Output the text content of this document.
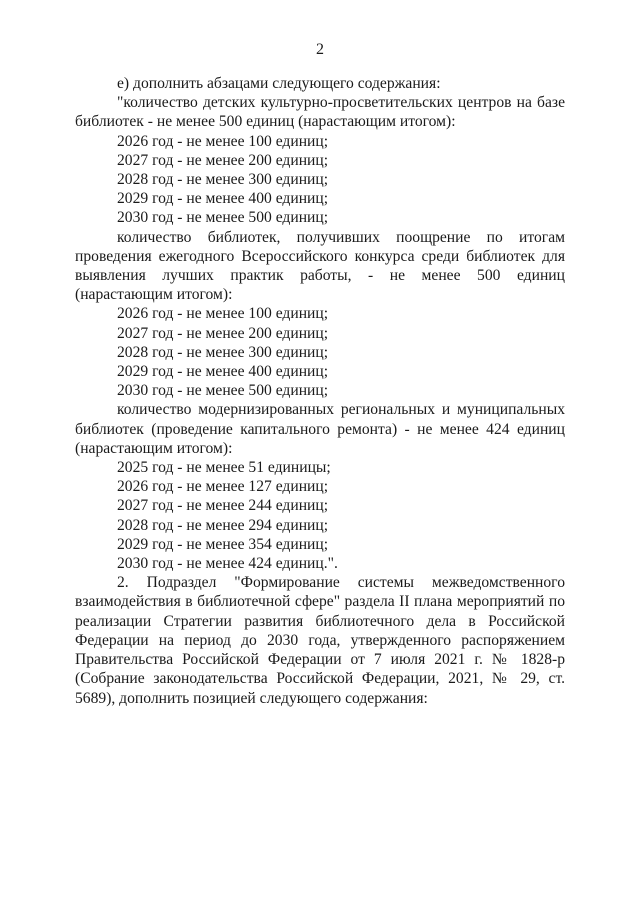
2

е) дополнить абзацами следующего содержания:

"количество детских культурно-просветительских центров на базе библиотек - не менее 500 единиц (нарастающим итогом):

2026 год - не менее 100 единиц;

2027 год - не менее 200 единиц;

2028 год - не менее 300 единиц;

2029 год - не менее 400 единиц;

2030 год - не менее 500 единиц;

количество библиотек, получивших поощрение по итогам проведения ежегодного Всероссийского конкурса среди библиотек для выявления лучших практик работы, - не менее 500 единиц (нарастающим итогом):

2026 год - не менее 100 единиц;

2027 год - не менее 200 единиц;

2028 год - не менее 300 единиц;

2029 год - не менее 400 единиц;

2030 год - не менее 500 единиц;

количество модернизированных региональных и муниципальных библиотек (проведение капитального ремонта) - не менее 424 единиц (нарастающим итогом):

2025 год - не менее 51 единицы;

2026 год - не менее 127 единиц;

2027 год - не менее 244 единиц;

2028 год - не менее 294 единиц;

2029 год - не менее 354 единиц;

2030 год - не менее 424 единиц.".

2. Подраздел "Формирование системы межведомственного взаимодействия в библиотечной сфере" раздела II плана мероприятий по реализации Стратегии развития библиотечного дела в Российской Федерации на период до 2030 года, утвержденного распоряжением Правительства Российской Федерации от 7 июля 2021 г. № 1828-р (Собрание законодательства Российской Федерации, 2021, № 29, ст. 5689), дополнить позицией следующего содержания:
